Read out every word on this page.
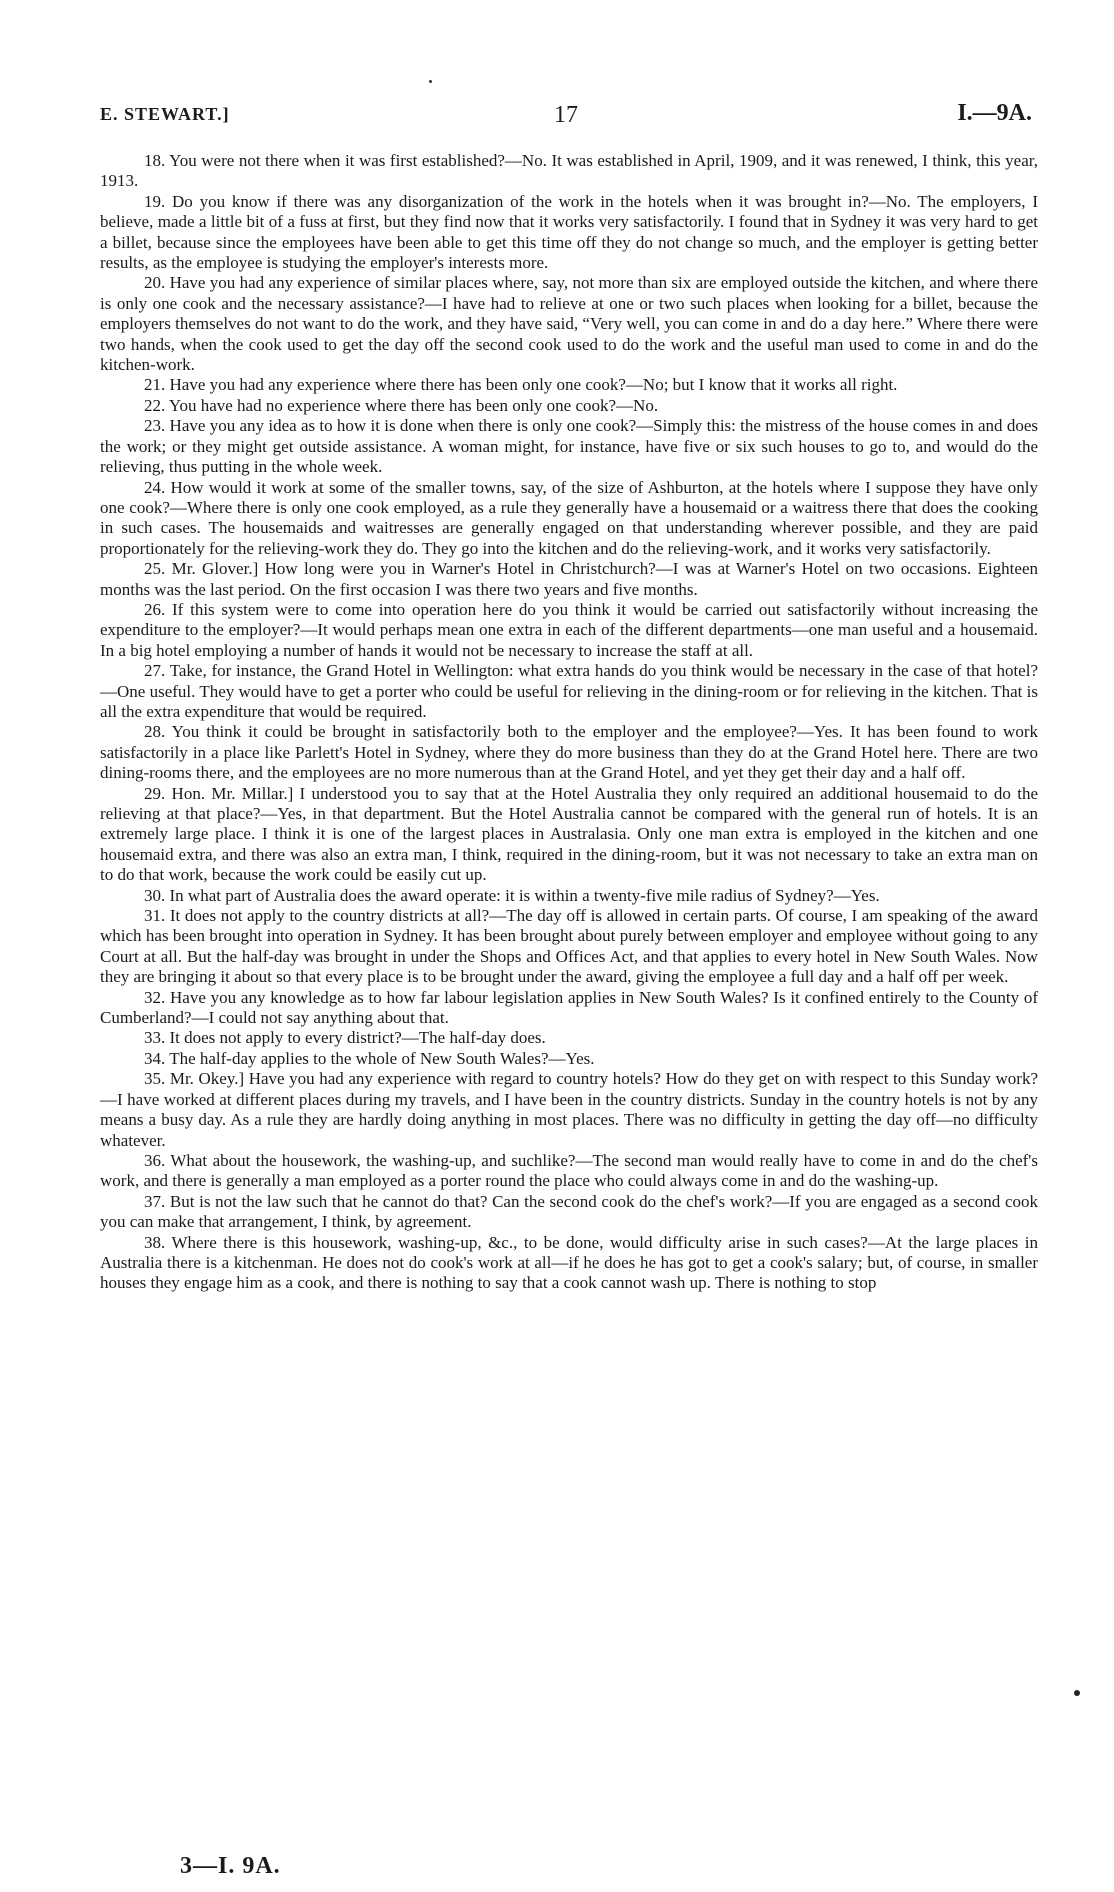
E. STEWART.]	17	I.—9A.

18. You were not there when it was first established?—No. It was established in April, 1909, and it was renewed, I think, this year, 1913.

19. Do you know if there was any disorganization of the work in the hotels when it was brought in?—No. The employers, I believe, made a little bit of a fuss at first, but they find now that it works very satisfactorily. I found that in Sydney it was very hard to get a billet, because since the employees have been able to get this time off they do not change so much, and the employer is getting better results, as the employee is studying the employer's interests more.

20. Have you had any experience of similar places where, say, not more than six are employed outside the kitchen, and where there is only one cook and the necessary assistance?—I have had to relieve at one or two such places when looking for a billet, because the employers themselves do not want to do the work, and they have said, “Very well, you can come in and do a day here.” Where there were two hands, when the cook used to get the day off the second cook used to do the work and the useful man used to come in and do the kitchen-work.

21. Have you had any experience where there has been only one cook?—No; but I know that it works all right.

22. You have had no experience where there has been only one cook?—No.

23. Have you any idea as to how it is done when there is only one cook?—Simply this: the mistress of the house comes in and does the work; or they might get outside assistance. A woman might, for instance, have five or six such houses to go to, and would do the relieving, thus putting in the whole week.

24. How would it work at some of the smaller towns, say, of the size of Ashburton, at the hotels where I suppose they have only one cook?—Where there is only one cook employed, as a rule they generally have a housemaid or a waitress there that does the cooking in such cases. The housemaids and waitresses are generally engaged on that understanding wherever possible, and they are paid proportionately for the relieving-work they do. They go into the kitchen and do the relieving-work, and it works very satisfactorily.

25. Mr. Glover.] How long were you in Warner's Hotel in Christchurch?—I was at Warner's Hotel on two occasions. Eighteen months was the last period. On the first occasion I was there two years and five months.

26. If this system were to come into operation here do you think it would be carried out satisfactorily without increasing the expenditure to the employer?—It would perhaps mean one extra in each of the different departments—one man useful and a housemaid. In a big hotel employing a number of hands it would not be necessary to increase the staff at all.

27. Take, for instance, the Grand Hotel in Wellington: what extra hands do you think would be necessary in the case of that hotel?—One useful. They would have to get a porter who could be useful for relieving in the dining-room or for relieving in the kitchen. That is all the extra expenditure that would be required.

28. You think it could be brought in satisfactorily both to the employer and the employee?—Yes. It has been found to work satisfactorily in a place like Parlett's Hotel in Sydney, where they do more business than they do at the Grand Hotel here. There are two dining-rooms there, and the employees are no more numerous than at the Grand Hotel, and yet they get their day and a half off.

29. Hon. Mr. Millar.] I understood you to say that at the Hotel Australia they only required an additional housemaid to do the relieving at that place?—Yes, in that department. But the Hotel Australia cannot be compared with the general run of hotels. It is an extremely large place. I think it is one of the largest places in Australasia. Only one man extra is employed in the kitchen and one housemaid extra, and there was also an extra man, I think, required in the dining-room, but it was not necessary to take an extra man on to do that work, because the work could be easily cut up.

30. In what part of Australia does the award operate: it is within a twenty-five mile radius of Sydney?—Yes.

31. It does not apply to the country districts at all?—The day off is allowed in certain parts. Of course, I am speaking of the award which has been brought into operation in Sydney. It has been brought about purely between employer and employee without going to any Court at all. But the half-day was brought in under the Shops and Offices Act, and that applies to every hotel in New South Wales. Now they are bringing it about so that every place is to be brought under the award, giving the employee a full day and a half off per week.

32. Have you any knowledge as to how far labour legislation applies in New South Wales? Is it confined entirely to the County of Cumberland?—I could not say anything about that.

33. It does not apply to every district?—The half-day does.

34. The half-day applies to the whole of New South Wales?—Yes.

35. Mr. Okey.] Have you had any experience with regard to country hotels? How do they get on with respect to this Sunday work?—I have worked at different places during my travels, and I have been in the country districts. Sunday in the country hotels is not by any means a busy day. As a rule they are hardly doing anything in most places. There was no difficulty in getting the day off—no difficulty whatever.

36. What about the housework, the washing-up, and suchlike?—The second man would really have to come in and do the chef's work, and there is generally a man employed as a porter round the place who could always come in and do the washing-up.

37. But is not the law such that he cannot do that? Can the second cook do the chef's work?—If you are engaged as a second cook you can make that arrangement, I think, by agreement.

38. Where there is this housework, washing-up, &c., to be done, would difficulty arise in such cases?—At the large places in Australia there is a kitchenman. He does not do cook's work at all—if he does he has got to get a cook's salary; but, of course, in smaller houses they engage him as a cook, and there is nothing to say that a cook cannot wash up. There is nothing to stop

3—I. 9A.
